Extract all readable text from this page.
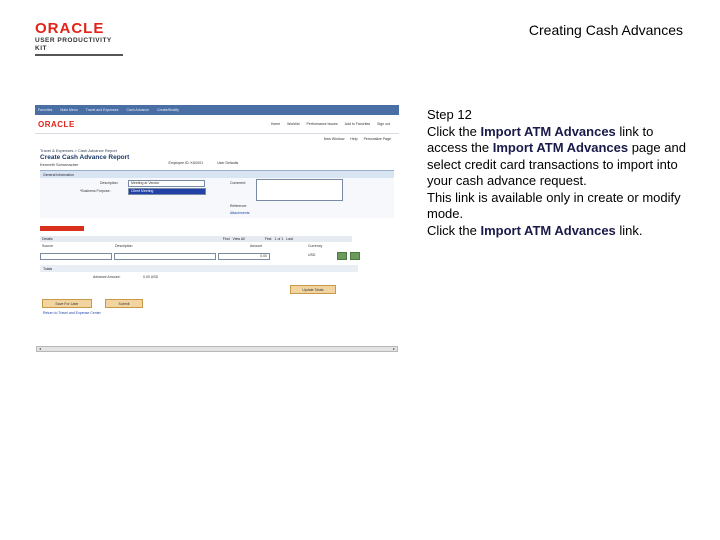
ORACLE
USER PRODUCTIVITY KIT
Creating Cash Advances
Favorites Main Menu Travel and Expenses Cash Advance Create/Modify
ORACLE	Home Worklist Performance Issues Add to Favorites Sign out
New Window Help Personalize Page
Travel & Expenses > Cash Advance Report
Create Cash Advance Report
Kenneth Schumacher	Employee ID: KU0001	User Defaults
General Information
Description:	Meeting at Vendor
*Business Purpose:	Client Meeting
Comment:
Reference:
Attachments
Details	Find View All	First 1 of 1 Last
Source	Description	Amount	Currency
0.00	USD
Totals
Advance Amount:	0.00 USD
Update Totals
Save For Later	Submit
Return to Travel and Expense Center
◂	▸

Step 12

Click the Import ATM Advances link to access the Import ATM Advances page and select credit card transactions to import into your cash advance request.

This link is available only in create or modify mode.

Click the Import ATM Advances link.
